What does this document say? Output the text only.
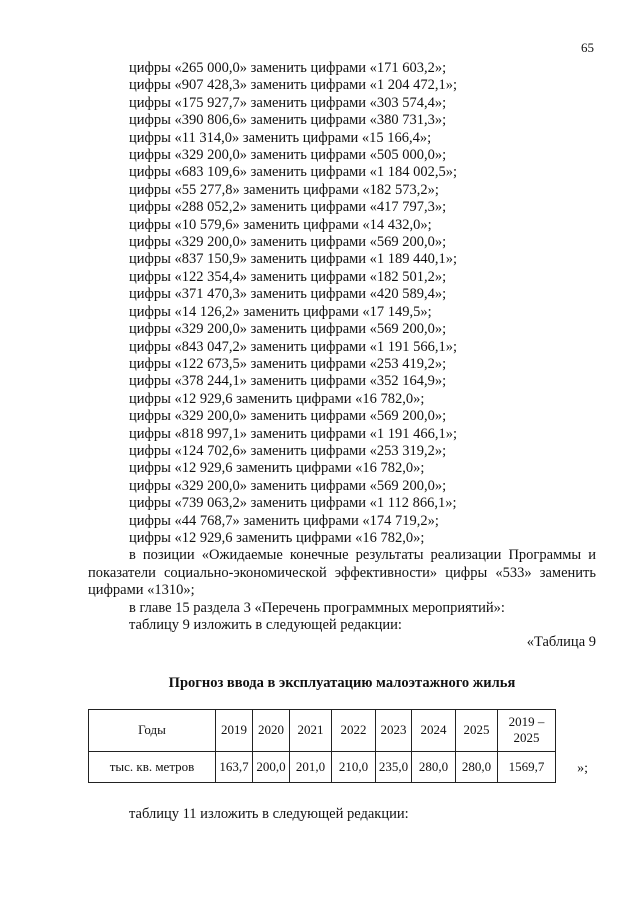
65
цифры «265 000,0» заменить цифрами «171 603,2»;
цифры «907 428,3» заменить цифрами «1 204 472,1»;
цифры «175 927,7» заменить цифрами «303 574,4»;
цифры «390 806,6» заменить цифрами «380 731,3»;
цифры «11 314,0» заменить цифрами «15 166,4»;
цифры «329 200,0» заменить цифрами «505 000,0»;
цифры «683 109,6» заменить цифрами «1 184 002,5»;
цифры «55 277,8» заменить цифрами «182 573,2»;
цифры «288 052,2» заменить цифрами «417 797,3»;
цифры «10 579,6» заменить цифрами «14 432,0»;
цифры «329 200,0» заменить цифрами «569 200,0»;
цифры «837 150,9» заменить цифрами «1 189 440,1»;
цифры «122 354,4» заменить цифрами «182 501,2»;
цифры «371 470,3» заменить цифрами «420 589,4»;
цифры «14 126,2» заменить цифрами «17 149,5»;
цифры «329 200,0» заменить цифрами «569 200,0»;
цифры «843 047,2» заменить цифрами «1 191 566,1»;
цифры «122 673,5» заменить цифрами «253 419,2»;
цифры «378 244,1» заменить цифрами «352 164,9»;
цифры «12 929,6 заменить цифрами «16 782,0»;
цифры «329 200,0» заменить цифрами «569 200,0»;
цифры «818 997,1» заменить цифрами «1 191 466,1»;
цифры «124 702,6» заменить цифрами «253 319,2»;
цифры «12 929,6 заменить цифрами «16 782,0»;
цифры «329 200,0» заменить цифрами «569 200,0»;
цифры «739 063,2» заменить цифрами «1 112 866,1»;
цифры «44 768,7» заменить цифрами «174 719,2»;
цифры «12 929,6 заменить цифрами «16 782,0»;
в позиции «Ожидаемые конечные результаты реализации Программы и показатели социально-экономической эффективности» цифры «533» заменить цифрами «1310»;
в главе 15 раздела 3 «Перечень программных мероприятий»:
таблицу 9 изложить в следующей редакции:
«Таблица 9
Прогноз ввода в эксплуатацию малоэтажного жилья
Годы	2019	2020	2021	2022	2023	2024	2025	2019 – 2025
тыс. кв. метров	163,7	200,0	201,0	210,0	235,0	280,0	280,0	1569,7 »;
таблицу 11 изложить в следующей редакции:
